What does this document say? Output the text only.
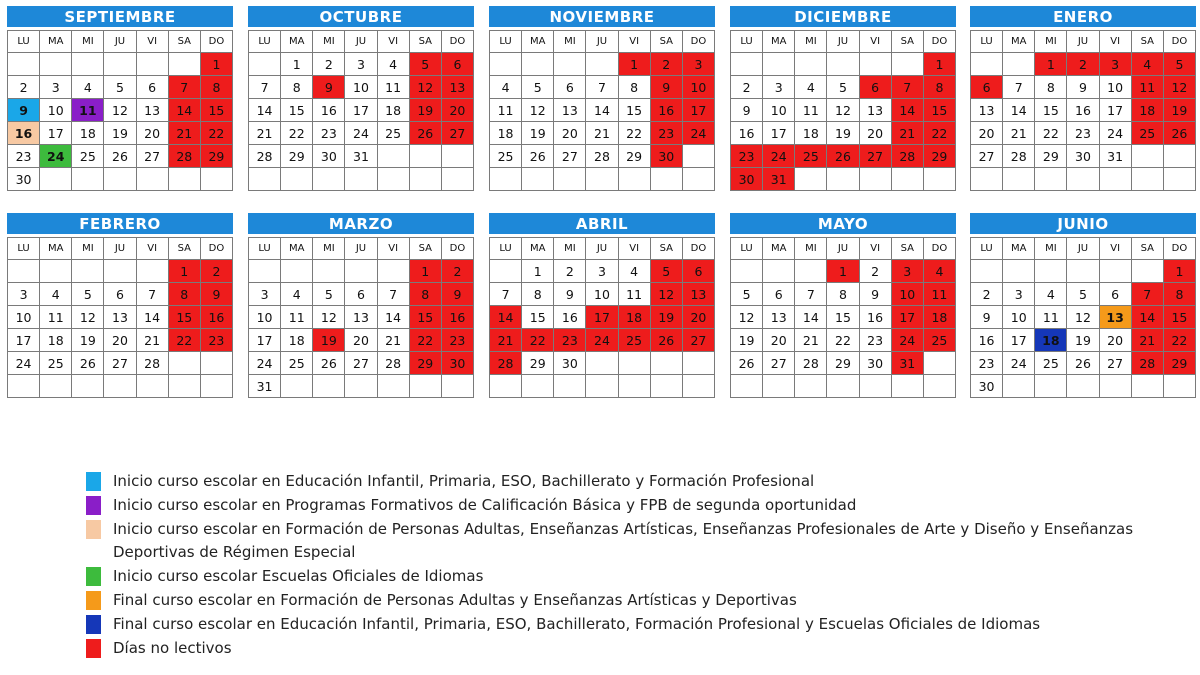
SEPTIEMBRE
LU	MA	MI	JU	VI	SA	DO
						1
2	3	4	5	6	7	8
9	10	11	12	13	14	15
16	17	18	19	20	21	22
23	24	25	26	27	28	29
30						
OCTUBRE
LU	MA	MI	JU	VI	SA	DO
	1	2	3	4	5	6
7	8	9	10	11	12	13
14	15	16	17	18	19	20
21	22	23	24	25	26	27
28	29	30	31			

NOVIEMBRE
LU	MA	MI	JU	VI	SA	DO
				1	2	3
4	5	6	7	8	9	10
11	12	13	14	15	16	17
18	19	20	21	22	23	24
25	26	27	28	29	30	

DICIEMBRE
LU	MA	MI	JU	VI	SA	DO
						1
2	3	4	5	6	7	8
9	10	11	12	13	14	15
16	17	18	19	20	21	22
23	24	25	26	27	28	29
30	31					
ENERO
LU	MA	MI	JU	VI	SA	DO
		1	2	3	4	5
6	7	8	9	10	11	12
13	14	15	16	17	18	19
20	21	22	23	24	25	26
27	28	29	30	31		

FEBRERO
LU	MA	MI	JU	VI	SA	DO
					1	2
3	4	5	6	7	8	9
10	11	12	13	14	15	16
17	18	19	20	21	22	23
24	25	26	27	28		

MARZO
LU	MA	MI	JU	VI	SA	DO
					1	2
3	4	5	6	7	8	9
10	11	12	13	14	15	16
17	18	19	20	21	22	23
24	25	26	27	28	29	30
31						
ABRIL
LU	MA	MI	JU	VI	SA	DO
	1	2	3	4	5	6
7	8	9	10	11	12	13
14	15	16	17	18	19	20
21	22	23	24	25	26	27
28	29	30				

MAYO
LU	MA	MI	JU	VI	SA	DO
			1	2	3	4
5	6	7	8	9	10	11
12	13	14	15	16	17	18
19	20	21	22	23	24	25
26	27	28	29	30	31	

JUNIO
LU	MA	MI	JU	VI	SA	DO
						1
2	3	4	5	6	7	8
9	10	11	12	13	14	15
16	17	18	19	20	21	22
23	24	25	26	27	28	29
30						
Inicio curso escolar en Educación Infantil, Primaria, ESO, Bachillerato y Formación Profesional
Inicio curso escolar en Programas Formativos de Calificación Básica y FPB de segunda oportunidad
Inicio curso escolar en Formación de Personas Adultas, Enseñanzas Artísticas, Enseñanzas Profesionales de Arte y Diseño y Enseñanzas Deportivas de Régimen Especial
Inicio curso escolar Escuelas Oficiales de Idiomas
Final curso escolar en Formación de Personas Adultas y Enseñanzas Artísticas y Deportivas
Final curso escolar en Educación Infantil, Primaria, ESO, Bachillerato, Formación Profesional y Escuelas Oficiales de Idiomas
Días no lectivos
